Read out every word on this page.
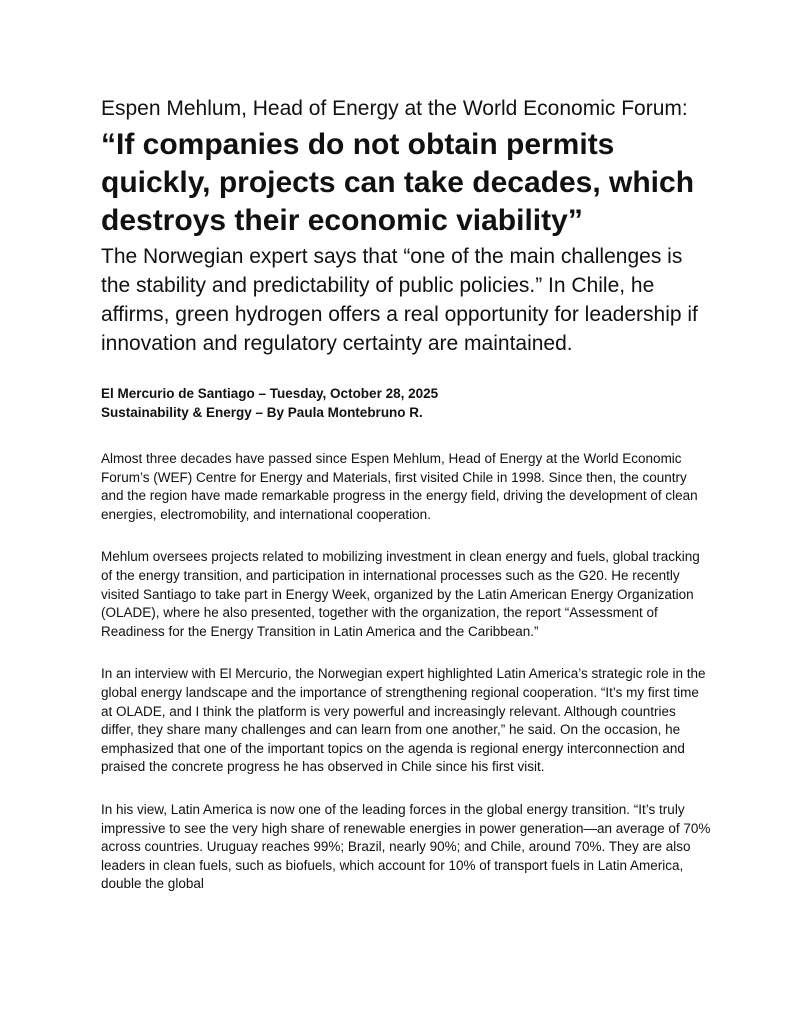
Espen Mehlum, Head of Energy at the World Economic Forum:
“If companies do not obtain permits quickly, projects can take decades, which destroys their economic viability”

The Norwegian expert says that “one of the main challenges is the stability and predictability of public policies.” In Chile, he affirms, green hydrogen offers a real opportunity for leadership if innovation and regulatory certainty are maintained.

El Mercurio de Santiago – Tuesday, October 28, 2025
Sustainability & Energy – By Paula Montebruno R.

Almost three decades have passed since Espen Mehlum, Head of Energy at the World Economic Forum’s (WEF) Centre for Energy and Materials, first visited Chile in 1998. Since then, the country and the region have made remarkable progress in the energy field, driving the development of clean energies, electromobility, and international cooperation.

Mehlum oversees projects related to mobilizing investment in clean energy and fuels, global tracking of the energy transition, and participation in international processes such as the G20. He recently visited Santiago to take part in Energy Week, organized by the Latin American Energy Organization (OLADE), where he also presented, together with the organization, the report “Assessment of Readiness for the Energy Transition in Latin America and the Caribbean.”

In an interview with El Mercurio, the Norwegian expert highlighted Latin America’s strategic role in the global energy landscape and the importance of strengthening regional cooperation. “It’s my first time at OLADE, and I think the platform is very powerful and increasingly relevant. Although countries differ, they share many challenges and can learn from one another,” he said. On the occasion, he emphasized that one of the important topics on the agenda is regional energy interconnection and praised the concrete progress he has observed in Chile since his first visit.

In his view, Latin America is now one of the leading forces in the global energy transition. “It’s truly impressive to see the very high share of renewable energies in power generation—an average of 70% across countries. Uruguay reaches 99%; Brazil, nearly 90%; and Chile, around 70%. They are also leaders in clean fuels, such as biofuels, which account for 10% of transport fuels in Latin America, double the global
